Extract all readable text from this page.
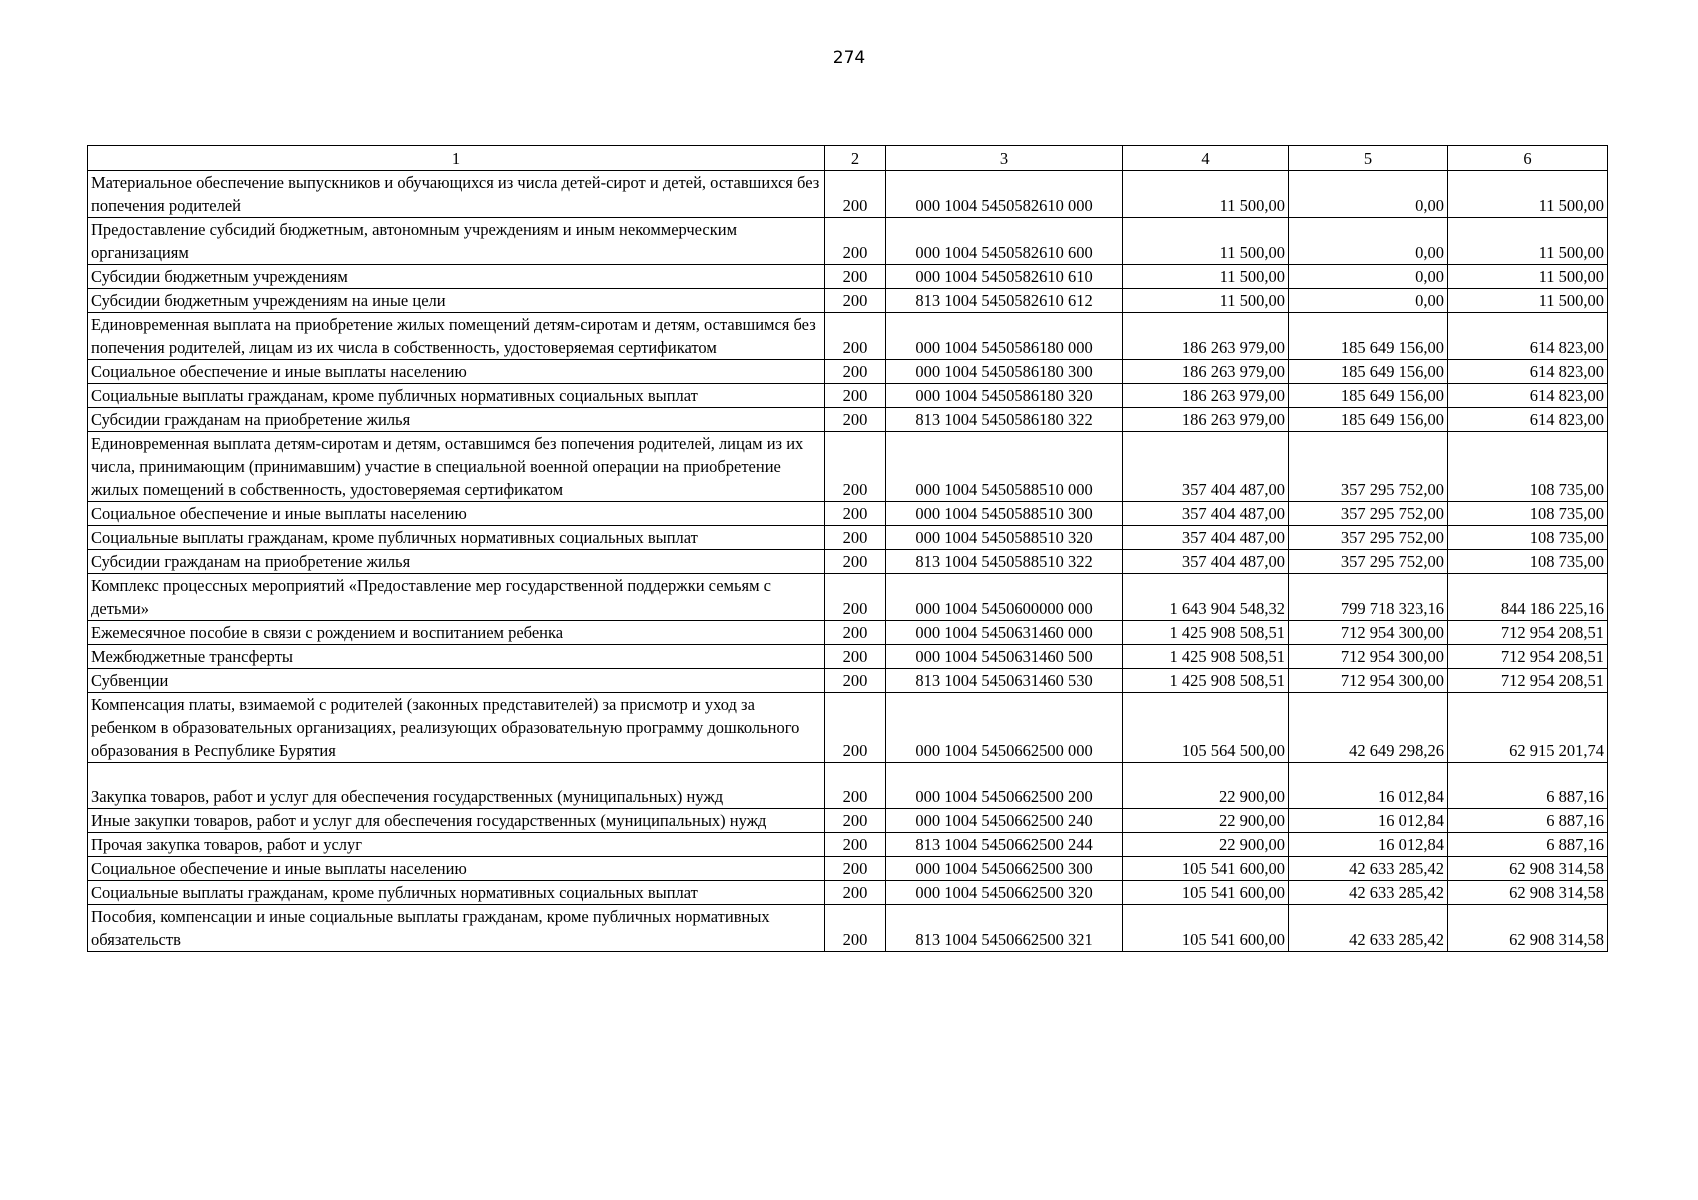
274
1	2	3	4	5	6
Материальное обеспечение выпускников и обучающихся из числа детей-сирот и детей, оставшихся без попечения родителей	200	000 1004 5450582610 000	11 500,00	0,00	11 500,00
Предоставление субсидий бюджетным, автономным учреждениям и иным некоммерческим организациям	200	000 1004 5450582610 600	11 500,00	0,00	11 500,00
Субсидии бюджетным учреждениям	200	000 1004 5450582610 610	11 500,00	0,00	11 500,00
Субсидии бюджетным учреждениям на иные цели	200	813 1004 5450582610 612	11 500,00	0,00	11 500,00
Единовременная выплата на приобретение жилых помещений детям-сиротам и детям, оставшимся без попечения родителей, лицам из их числа в собственность, удостоверяемая сертификатом	200	000 1004 5450586180 000	186 263 979,00	185 649 156,00	614 823,00
Социальное обеспечение и иные выплаты населению	200	000 1004 5450586180 300	186 263 979,00	185 649 156,00	614 823,00
Социальные выплаты гражданам, кроме публичных нормативных социальных выплат	200	000 1004 5450586180 320	186 263 979,00	185 649 156,00	614 823,00
Субсидии гражданам на приобретение жилья	200	813 1004 5450586180 322	186 263 979,00	185 649 156,00	614 823,00
Единовременная выплата детям-сиротам и детям, оставшимся без попечения родителей, лицам из их числа, принимающим (принимавшим) участие в специальной военной операции на приобретение жилых помещений в собственность, удостоверяемая сертификатом	200	000 1004 5450588510 000	357 404 487,00	357 295 752,00	108 735,00
Социальное обеспечение и иные выплаты населению	200	000 1004 5450588510 300	357 404 487,00	357 295 752,00	108 735,00
Социальные выплаты гражданам, кроме публичных нормативных социальных выплат	200	000 1004 5450588510 320	357 404 487,00	357 295 752,00	108 735,00
Субсидии гражданам на приобретение жилья	200	813 1004 5450588510 322	357 404 487,00	357 295 752,00	108 735,00
Комплекс процессных мероприятий «Предоставление мер государственной поддержки семьям с детьми»	200	000 1004 5450600000 000	1 643 904 548,32	799 718 323,16	844 186 225,16
Ежемесячное пособие в связи с рождением и воспитанием ребенка	200	000 1004 5450631460 000	1 425 908 508,51	712 954 300,00	712 954 208,51
Межбюджетные трансферты	200	000 1004 5450631460 500	1 425 908 508,51	712 954 300,00	712 954 208,51
Субвенции	200	813 1004 5450631460 530	1 425 908 508,51	712 954 300,00	712 954 208,51
Компенсация платы, взимаемой с родителей (законных представителей) за присмотр и уход за ребенком в образовательных организациях, реализующих образовательную программу дошкольного образования в Республике Бурятия	200	000 1004 5450662500 000	105 564 500,00	42 649 298,26	62 915 201,74
Закупка товаров, работ и услуг для обеспечения государственных (муниципальных) нужд	200	000 1004 5450662500 200	22 900,00	16 012,84	6 887,16
Иные закупки товаров, работ и услуг для обеспечения государственных (муниципальных) нужд	200	000 1004 5450662500 240	22 900,00	16 012,84	6 887,16
Прочая закупка товаров, работ и услуг	200	813 1004 5450662500 244	22 900,00	16 012,84	6 887,16
Социальное обеспечение и иные выплаты населению	200	000 1004 5450662500 300	105 541 600,00	42 633 285,42	62 908 314,58
Социальные выплаты гражданам, кроме публичных нормативных социальных выплат	200	000 1004 5450662500 320	105 541 600,00	42 633 285,42	62 908 314,58
Пособия, компенсации и иные социальные выплаты гражданам, кроме публичных нормативных обязательств	200	813 1004 5450662500 321	105 541 600,00	42 633 285,42	62 908 314,58
